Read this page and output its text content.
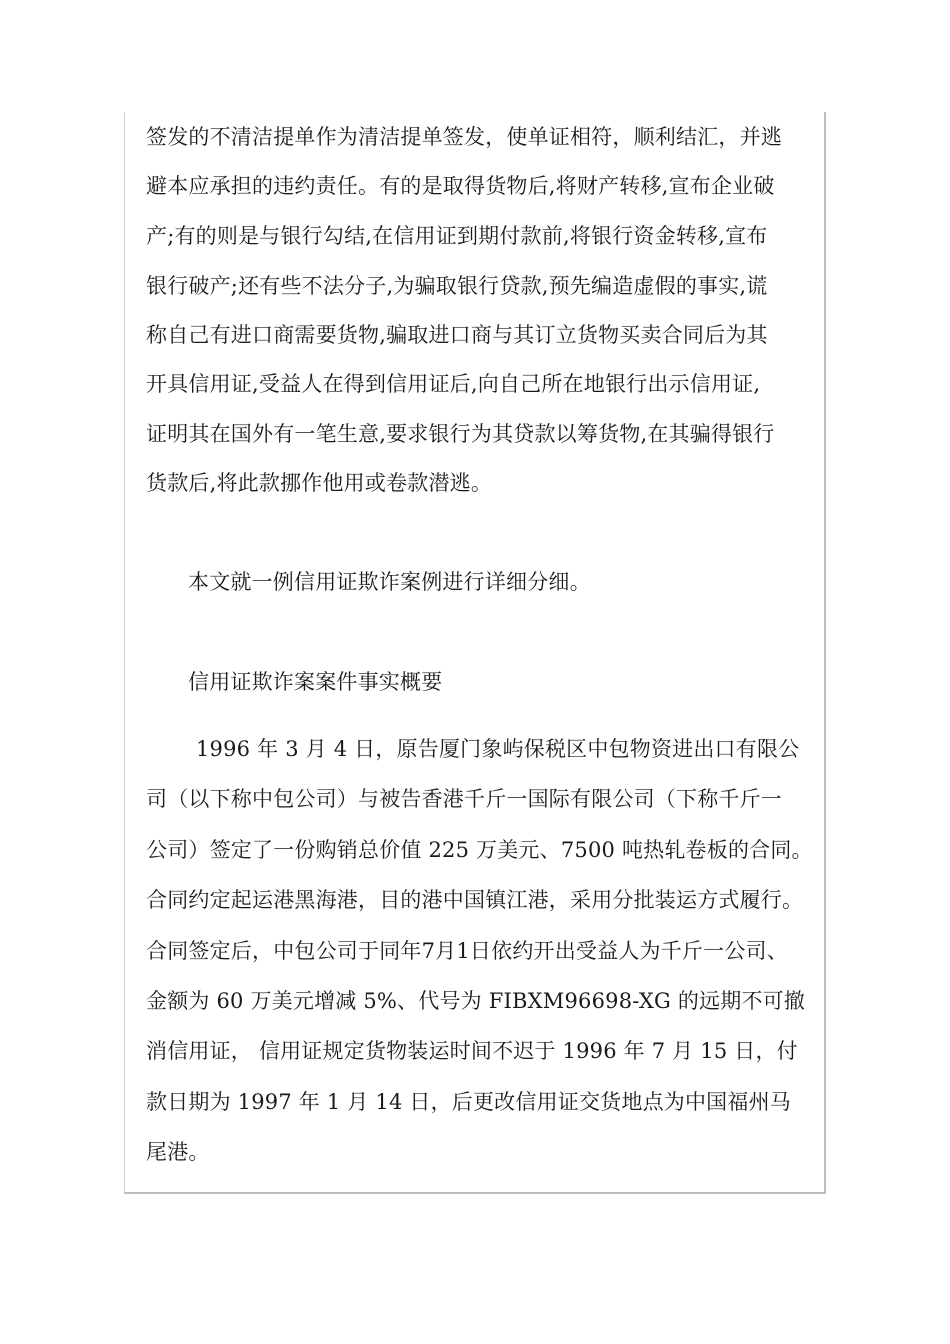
签发的不清洁提单作为清洁提单签发，使单证相符，顺利结汇，并逃
避本应承担的违约责任。有的是取得货物后,将财产转移,宣布企业破
产;有的则是与银行勾结,在信用证到期付款前,将银行资金转移,宣布
银行破产;还有些不法分子,为骗取银行贷款,预先编造虚假的事实,谎
称自己有进口商需要货物,骗取进口商与其订立货物买卖合同后为其
开具信用证,受益人在得到信用证后,向自己所在地银行出示信用证,
证明其在国外有一笔生意,要求银行为其贷款以筹货物,在其骗得银行
货款后,将此款挪作他用或卷款潜逃。
本文就一例信用证欺诈案例进行详细分细。
信用证欺诈案案件事实概要
1996 年 3 月 4 日，原告厦门象屿保税区中包物资进出口有限公
司（以下称中包公司）与被告香港千斤一国际有限公司（下称千斤一
公司）签定了一份购销总价值 225 万美元、7500 吨热轧卷板的合同。
合同约定起运港黑海港，目的港中国镇江港，采用分批装运方式履行。
合同签定后，中包公司于同年7月1日依约开出受益人为千斤一公司、
金额为 60 万美元增减 5%、代号为 FIBXM96698-XG 的远期不可撤
消信用证， 信用证规定货物装运时间不迟于 1996 年 7 月 15 日，付
款日期为 1997 年 1 月 14 日，后更改信用证交货地点为中国福州马
尾港。
